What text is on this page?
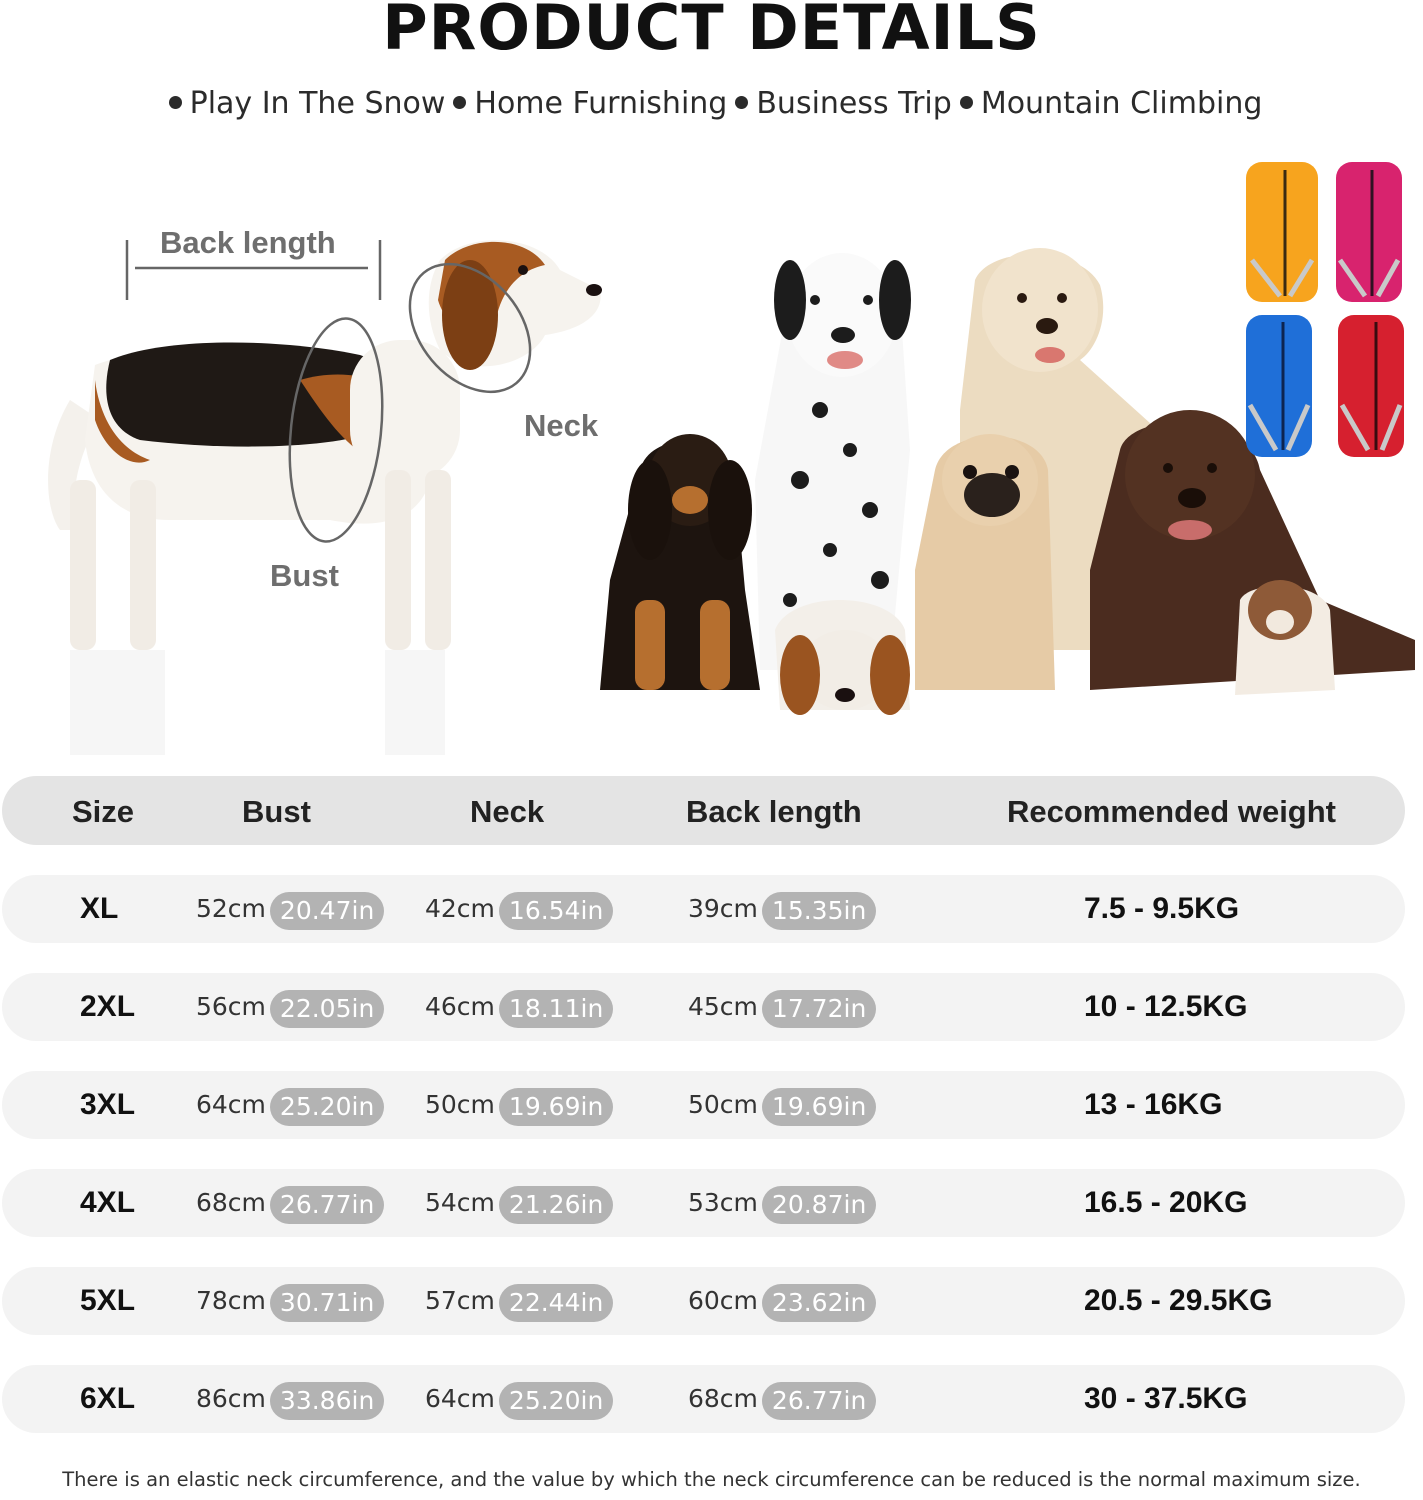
PRODUCT DETAILS
Play In The Snow Home Furnishing Business Trip Mountain Climbing
Back length
Neck
Bust
Size	Bust	Neck	Back length	Recommended weight
XL	52cm 20.47in	42cm 16.54in	39cm 15.35in	7.5 - 9.5KG
2XL 56cm 22.05in	46cm 18.11in	45cm 17.72in	10 - 12.5KG
3XL 64cm 25.20in	50cm 19.69in	50cm 19.69in	13 - 16KG
4XL 68cm 26.77in	54cm 21.26in	53cm 20.87in	16.5 - 20KG
5XL 78cm 30.71in	57cm 22.44in	60cm 23.62in	20.5 - 29.5KG
6XL 86cm 33.86in	64cm 25.20in	68cm 26.77in	30 - 37.5KG
There is an elastic neck circumference, and the value by which the neck circumference can be reduced is the normal maximum size.
